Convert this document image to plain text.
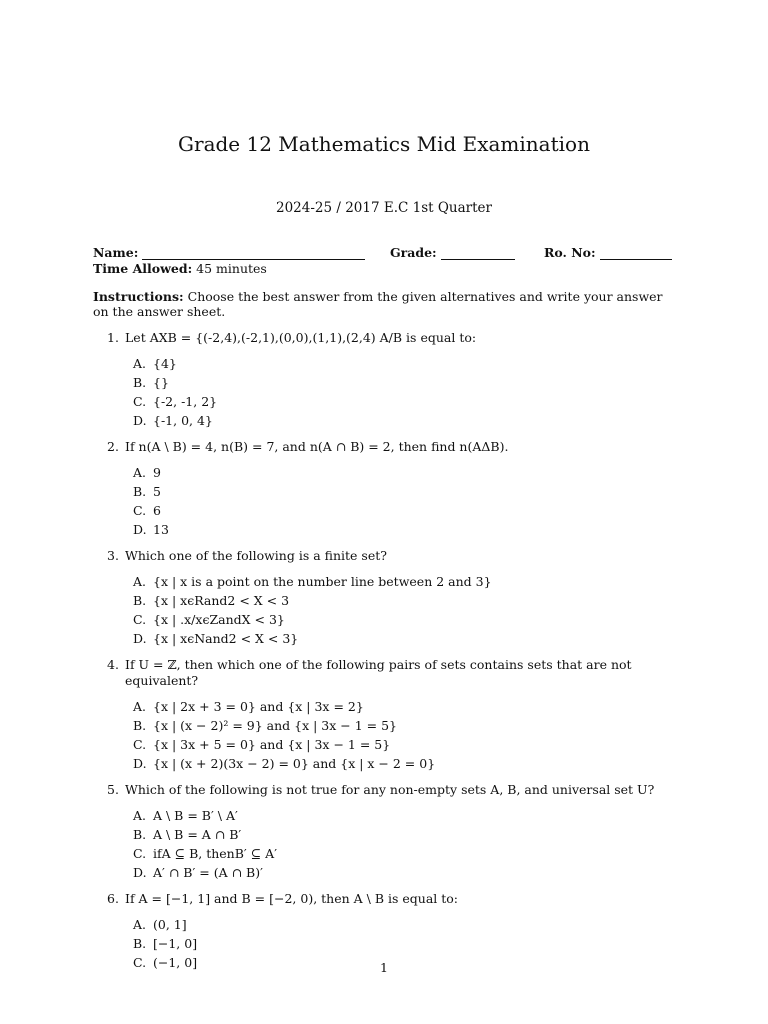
Grade 12 Mathematics Mid Examination
2024-25 / 2017 E.C 1st Quarter
Name:	Grade:	Ro. No:
Time Allowed: 45 minutes
Instructions: Choose the best answer from the given alternatives and write your answer on the answer sheet.
1. Let AXB = {(-2,4),(-2,1),(0,0),(1,1),(2,4) A/B is equal to:
A. {4}
B. {}
C. {-2, -1, 2}
D. {-1, 0, 4}
2. If n(A \ B) = 4, n(B) = 7, and n(A ∩ B) = 2, then find n(AΔB).
A. 9
B. 5
C. 6
D. 13
3. Which one of the following is a finite set?
A. {x | x is a point on the number line between 2 and 3}
B. {x | xϵRand2 < X < 3
C. {x | .x/xϵZandX < 3}
D. {x | xϵNand2 < X < 3}
4. If U = ℤ, then which one of the following pairs of sets contains sets that are not equivalent?
A. {x | 2x + 3 = 0} and {x | 3x = 2}
B. {x | (x − 2)² = 9} and {x | 3x − 1 = 5}
C. {x | 3x + 5 = 0} and {x | 3x − 1 = 5}
D. {x | (x + 2)(3x − 2) = 0} and {x | x − 2 = 0}
5. Which of the following is not true for any non-empty sets A, B, and universal set U?
A. A \ B = B′ \ A′
B. A \ B = A ∩ B′
C. ifA ⊆ B, thenB′ ⊆ A′
D. A′ ∩ B′ = (A ∩ B)′
6. If A = [−1, 1] and B = [−2, 0), then A \ B is equal to:
A. (0, 1]
B. [−1, 0]
C. (−1, 0]	1
